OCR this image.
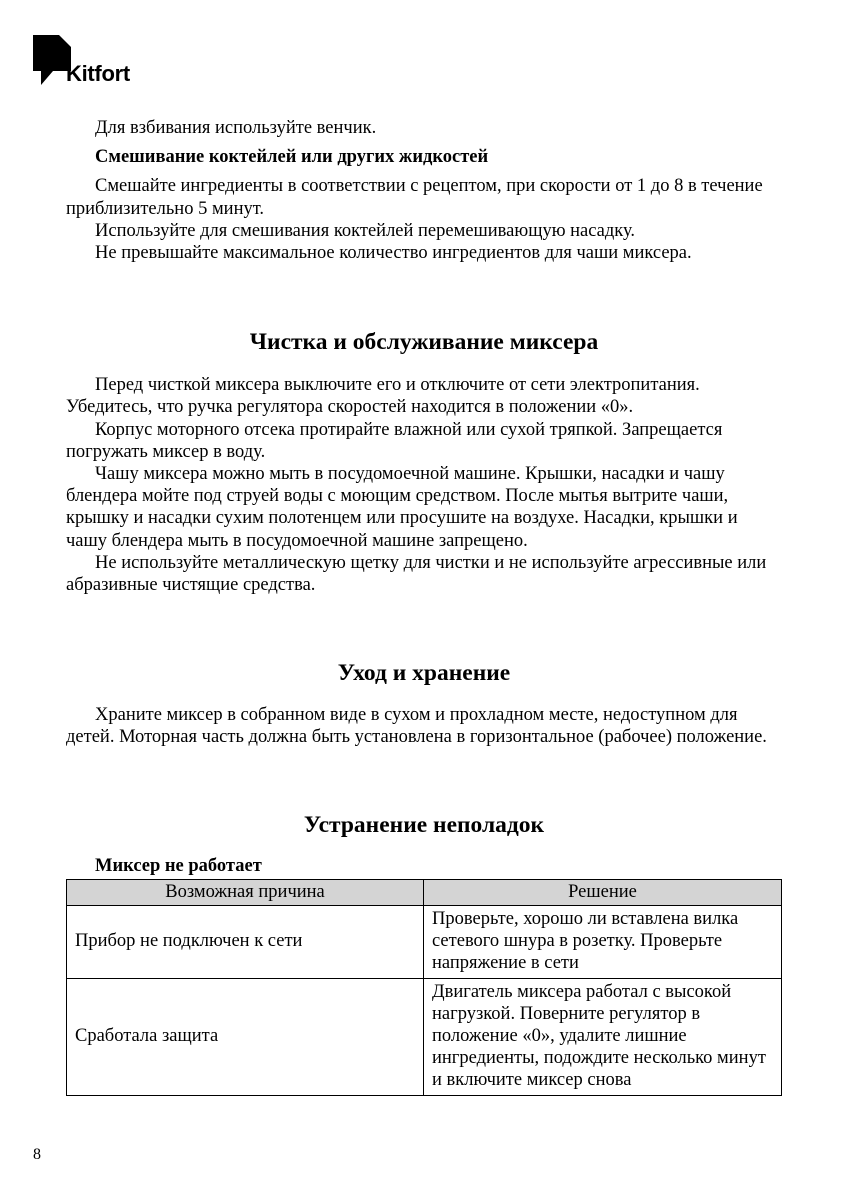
Kitfort

Для взбивания используйте венчик.

Смешивание коктейлей или других жидкостей

Смешайте ингредиенты в соответствии с рецептом, при скорости от 1 до 8 в течение приблизительно 5 минут.

Используйте для смешивания коктейлей перемешивающую насадку.

Не превышайте максимальное количество ингредиентов для чаши миксера.

Чистка и обслуживание миксера

Перед чисткой миксера выключите его и отключите от сети электропитания. Убедитесь, что ручка регулятора скоростей находится в положении «0».

Корпус моторного отсека протирайте влажной или сухой тряпкой. Запрещается погружать миксер в воду.

Чашу миксера можно мыть в посудомоечной машине. Крышки, насадки и чашу блендера мойте под струей воды с моющим средством. После мытья вытрите чаши, крышку и насадки сухим полотенцем или просушите на воздухе. Насадки, крышки и чашу блендера мыть в посудомоечной машине запрещено.

Не используйте металлическую щетку для чистки и не используйте агрессивные или абразивные чистящие средства.

Уход и хранение

Храните миксер в собранном виде в сухом и прохладном месте, недоступном для детей. Моторная часть должна быть установлена в горизонтальное (рабочее) положение.

Устранение неполадок
Миксер не работает
Возможная причина	Решение
Прибор не подключен к сети	Проверьте, хорошо ли вставлена вилка сетевого шнура в розетку. Проверьте напряжение в сети
Сработала защита	Двигатель миксера работал с высокой нагрузкой. Поверните регулятор в положение «0», удалите лишние ингредиенты, подождите несколько минут и включите миксер снова
8
